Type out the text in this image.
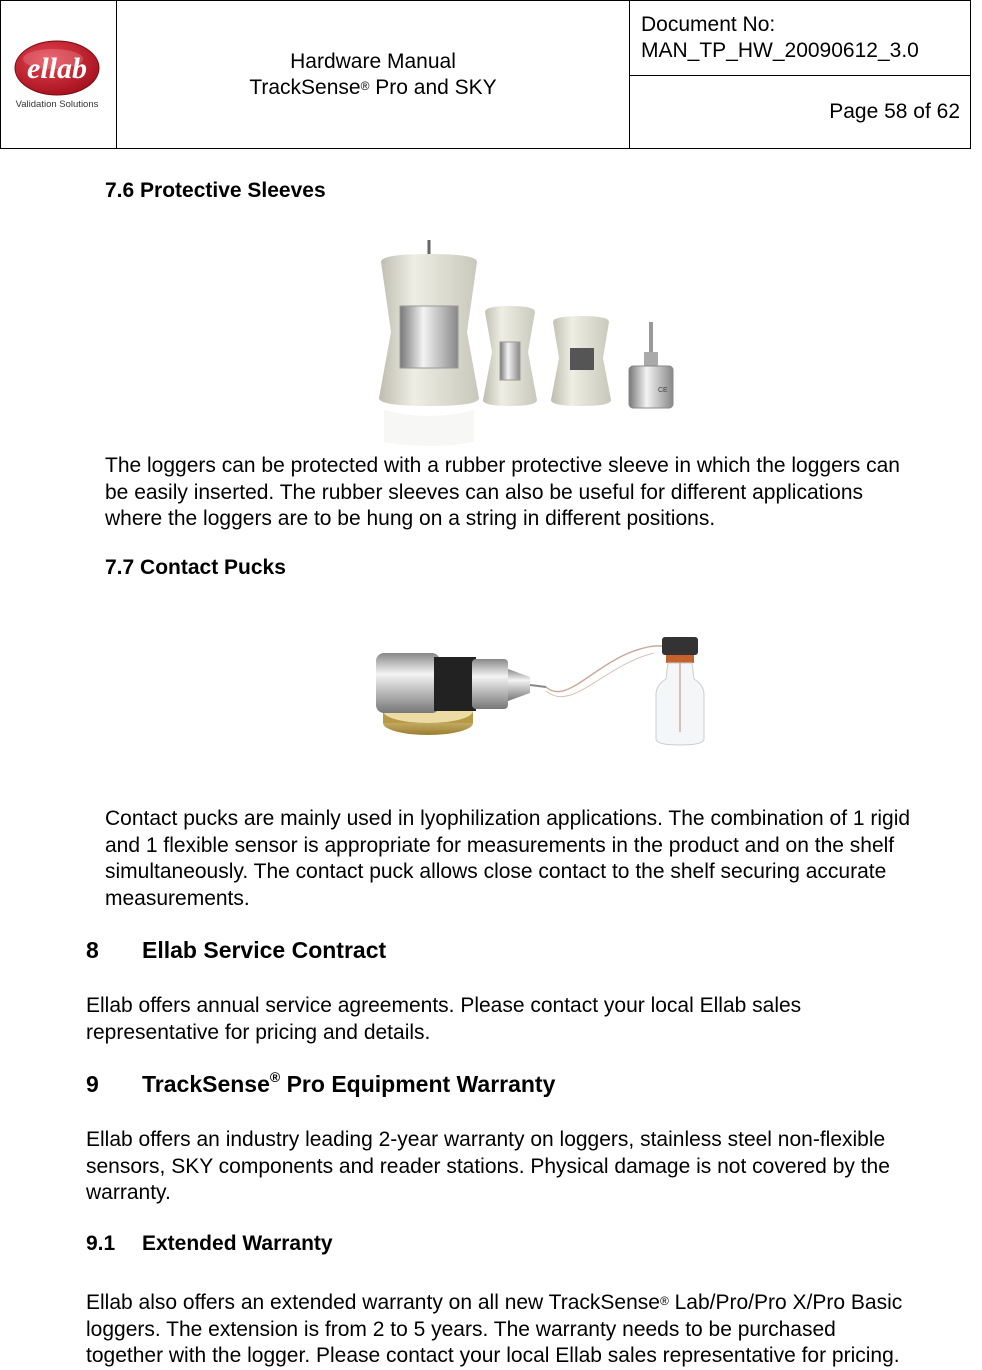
ellab
Validation Solutions
Hardware Manual
TrackSense® Pro and SKY
Document No:
MAN_TP_HW_20090612_3.0
Page 58 of 62
7.6 Protective Sleeves
CE
The loggers can be protected with a rubber protective sleeve in which the loggers can
be easily inserted. The rubber sleeves can also be useful for different applications
where the loggers are to be hung on a string in different positions.
7.7 Contact Pucks
Contact pucks are mainly used in lyophilization applications. The combination of 1 rigid
and 1 flexible sensor is appropriate for measurements in the product and on the shelf
simultaneously. The contact puck allows close contact to the shelf securing accurate
measurements.
8 Ellab Service Contract
Ellab offers annual service agreements. Please contact your local Ellab sales
representative for pricing and details.
9 TrackSense® Pro Equipment Warranty
Ellab offers an industry leading 2-year warranty on loggers, stainless steel non-flexible
sensors, SKY components and reader stations. Physical damage is not covered by the
warranty.
9.1 Extended Warranty
Ellab also offers an extended warranty on all new TrackSense® Lab/Pro/Pro X/Pro Basic
loggers. The extension is from 2 to 5 years. The warranty needs to be purchased
together with the logger. Please contact your local Ellab sales representative for pricing.
